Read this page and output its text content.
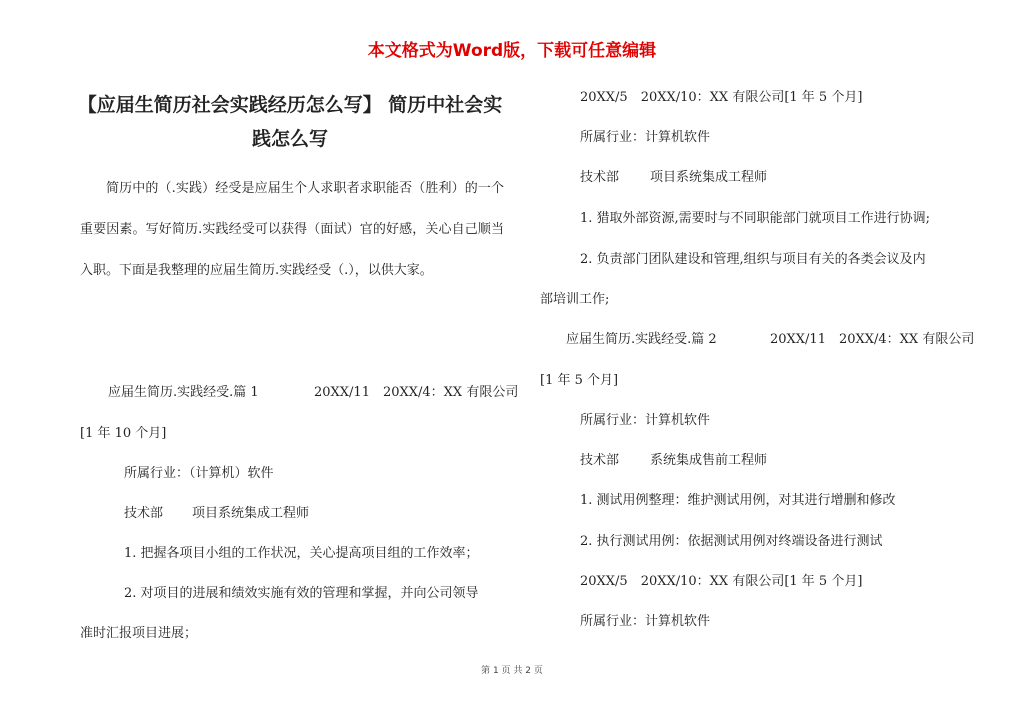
本文格式为Word版，下载可任意编辑
【应届生简历社会实践经历怎么写】 简历中社会实践怎么写
简历中的（.实践）经受是应届生个人求职者求职能否（胜利）的一个重要因素。写好简历.实践经受可以获得（面试）官的好感，关心自己顺当入职。下面是我整理的应届生简历.实践经受（.），以供大家。
应届生简历.实践经受.篇 1	20XX/11　20XX/4：XX 有限公司
[1 年 10 个月]
所属行业：（计算机）软件
技术部 项目系统集成工程师
1. 把握各项目小组的工作状况，关心提高项目组的工作效率；
2. 对项目的进展和绩效实施有效的管理和掌握，并向公司领导
准时汇报项目进展；
20XX/5　20XX/10：XX 有限公司[1 年 5 个月]
所属行业：计算机软件
技术部 项目系统集成工程师
1. 猎取外部资源,需要时与不同职能部门就项目工作进行协调;
2. 负责部门团队建设和管理,组织与项目有关的各类会议及内
部培训工作;
应届生简历.实践经受.篇 2	20XX/11　20XX/4：XX 有限公司
[1 年 5 个月]
所属行业：计算机软件
技术部 系统集成售前工程师
1. 测试用例整理：维护测试用例，对其进行增删和修改
2. 执行测试用例：依据测试用例对终端设备进行测试
20XX/5　20XX/10：XX 有限公司[1 年 5 个月]
所属行业：计算机软件
第 1 页 共 2 页
